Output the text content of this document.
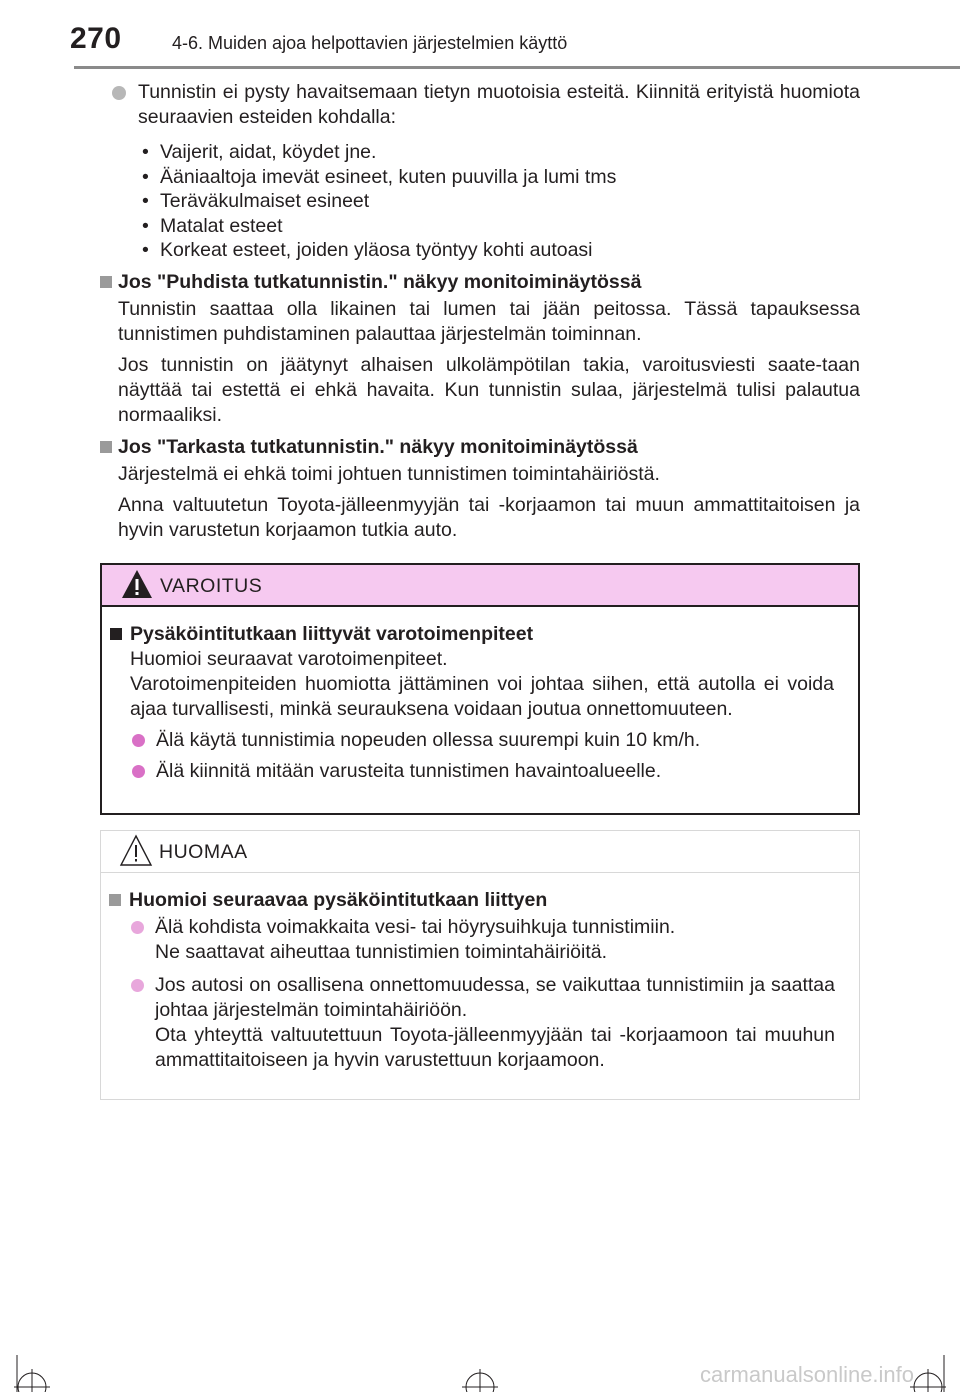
270	4-6. Muiden ajoa helpottavien järjestelmien käyttö
Tunnistin ei pysty havaitsemaan tietyn muotoisia esteitä. Kiinnitä erityistä huomiota seuraavien esteiden kohdalla:
• Vaijerit, aidat, köydet jne.
• Ääniaaltoja imevät esineet, kuten puuvilla ja lumi tms
• Teräväkulmaiset esineet
• Matalat esteet
• Korkeat esteet, joiden yläosa työntyy kohti autoasi
Jos "Puhdista tutkatunnistin." näkyy monitoiminäytössä
Tunnistin saattaa olla likainen tai lumen tai jään peitossa. Tässä tapauksessa tunnistimen puhdistaminen palauttaa järjestelmän toiminnan.
Jos tunnistin on jäätynyt alhaisen ulkolämpötilan takia, varoitusviesti saate-taan näyttää tai estettä ei ehkä havaita. Kun tunnistin sulaa, järjestelmä tulisi palautua normaaliksi.
Jos "Tarkasta tutkatunnistin." näkyy monitoiminäytössä
Järjestelmä ei ehkä toimi johtuen tunnistimen toimintahäiriöstä.
Anna valtuutetun Toyota-jälleenmyyjän tai -korjaamon tai muun ammattitaitoisen ja hyvin varustetun korjaamon tutkia auto.
VAROITUS
Pysäköintitutkaan liittyvät varotoimenpiteet
Huomioi seuraavat varotoimenpiteet.
Varotoimenpiteiden huomiotta jättäminen voi johtaa siihen, että autolla ei voida ajaa turvallisesti, minkä seurauksena voidaan joutua onnettomuuteen.
Älä käytä tunnistimia nopeuden ollessa suurempi kuin 10 km/h.
Älä kiinnitä mitään varusteita tunnistimen havaintoalueelle.
HUOMAA
Huomioi seuraavaa pysäköintitutkaan liittyen
Älä kohdista voimakkaita vesi- tai höyrysuihkuja tunnistimiin.
Ne saattavat aiheuttaa tunnistimien toimintahäiriöitä.
Jos autosi on osallisena onnettomuudessa, se vaikuttaa tunnistimiin ja saattaa johtaa järjestelmän toimintahäiriöön.
Ota yhteyttä valtuutettuun Toyota-jälleenmyyjään tai -korjaamoon tai muuhun ammattitaitoiseen ja hyvin varustettuun korjaamoon.
carmanualsonline.info
